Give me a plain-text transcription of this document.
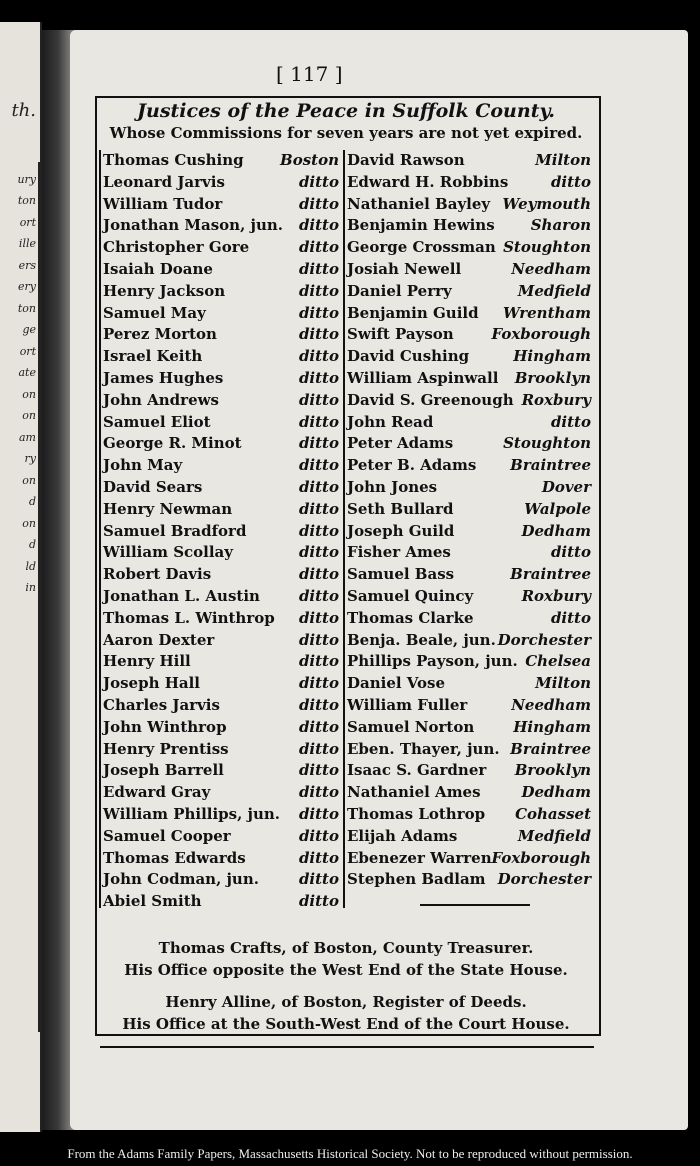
th.
ury
ton
ort
ille
ers
ery
ton
ge
ort
ate
on
on
am
ry
on
d
on
d
ld
in
[ 117 ]
Justices of the Peace in Suffolk County.
Whose Commissions for seven years are not yet expired.
Thomas Cushing Boston
Leonard Jarvis	ditto
William Tudor	ditto
Jonathan Mason, jun. ditto
Christopher Gore	ditto
Isaiah Doane	ditto
Henry Jackson	ditto
Samuel May	ditto
Perez Morton	ditto
Israel Keith	ditto
James Hughes	ditto
John Andrews	ditto
Samuel Eliot	ditto
George R. Minot	ditto
John May	ditto
David Sears	ditto
Henry Newman	ditto
Samuel Bradford	ditto
William Scollay	ditto
Robert Davis	ditto
Jonathan L. Austin	ditto
Thomas L. Winthrop ditto
Aaron Dexter	ditto
Henry Hill	ditto
Joseph Hall	ditto
Charles Jarvis	ditto
John Winthrop	ditto
Henry Prentiss	ditto
Joseph Barrell	ditto
Edward Gray	ditto
William Phillips, jun. ditto
Samuel Cooper	ditto
Thomas Edwards	ditto
John Codman, jun.	ditto
Abiel Smith	ditto
David Rawson	Milton
Edward H. Robbins	ditto
Nathaniel Bayley Weymouth
Benjamin Hewins Sharon
George Crossman Stoughton
Josiah Newell	Needham
Daniel Perry	Medfield
Benjamin Guild Wrentham
Swift Payson	Foxborough
David Cushing	Hingham
William Aspinwall Brooklyn
David S. Greenough Roxbury
John Read	ditto
Peter Adams	Stoughton
Peter B. Adams Braintree
John Jones	Dover
Seth Bullard	Walpole
Joseph Guild	Dedham
Fisher Ames	ditto
Samuel Bass	Braintree
Samuel Quincy	Roxbury
Thomas Clarke	ditto
Benja. Beale, jun. Dorchester
Phillips Payson, jun. Chelsea
Daniel Vose	Milton
William Fuller	Needham
Samuel Norton	Hingham
Eben. Thayer, jun. Braintree
Isaac S. Gardner Brooklyn
Nathaniel Ames	Dedham
Thomas Lothrop Cohasset
Elijah Adams	Medfield
Ebenezer Warren Foxborough
Stephen Badlam Dorchester
Thomas Crafts, of Boston, County Treasurer.
His Office opposite the West End of the State House.
Henry Alline, of Boston, Register of Deeds.
His Office at the South-West End of the Court House.
From the Adams Family Papers, Massachusetts Historical Society. Not to be reproduced without permission.
